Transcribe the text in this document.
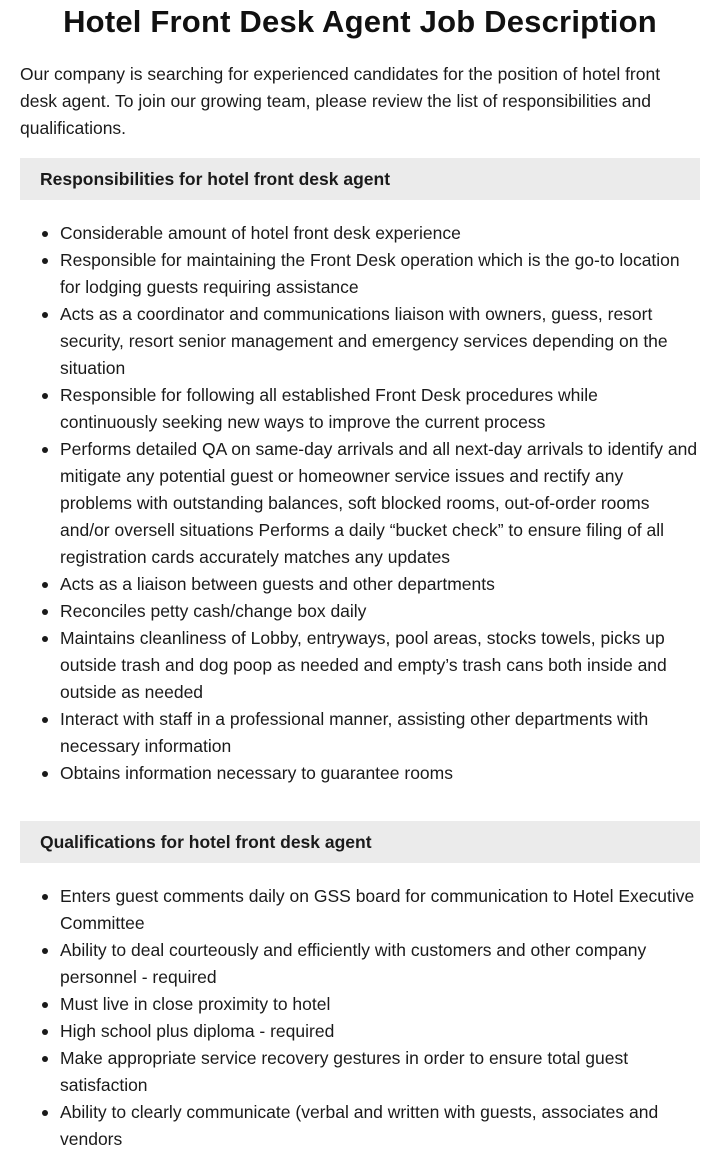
Hotel Front Desk Agent Job Description

Our company is searching for experienced candidates for the position of hotel front desk agent. To join our growing team, please review the list of responsibilities and qualifications.

Responsibilities for hotel front desk agent
Considerable amount of hotel front desk experience
Responsible for maintaining the Front Desk operation which is the go-to location for lodging guests requiring assistance
Acts as a coordinator and communications liaison with owners, guess, resort security, resort senior management and emergency services depending on the situation
Responsible for following all established Front Desk procedures while continuously seeking new ways to improve the current process
Performs detailed QA on same-day arrivals and all next-day arrivals to identify and mitigate any potential guest or homeowner service issues and rectify any problems with outstanding balances, soft blocked rooms, out-of-order rooms and/or oversell situations Performs a daily “bucket check” to ensure filing of all registration cards accurately matches any updates
Acts as a liaison between guests and other departments
Reconciles petty cash/change box daily
Maintains cleanliness of Lobby, entryways, pool areas, stocks towels, picks up outside trash and dog poop as needed and empty’s trash cans both inside and outside as needed
Interact with staff in a professional manner, assisting other departments with necessary information
Obtains information necessary to guarantee rooms
Qualifications for hotel front desk agent
Enters guest comments daily on GSS board for communication to Hotel Executive Committee
Ability to deal courteously and efficiently with customers and other company personnel - required
Must live in close proximity to hotel
High school plus diploma - required
Make appropriate service recovery gestures in order to ensure total guest satisfaction
Ability to clearly communicate (verbal and written with guests, associates and vendors
